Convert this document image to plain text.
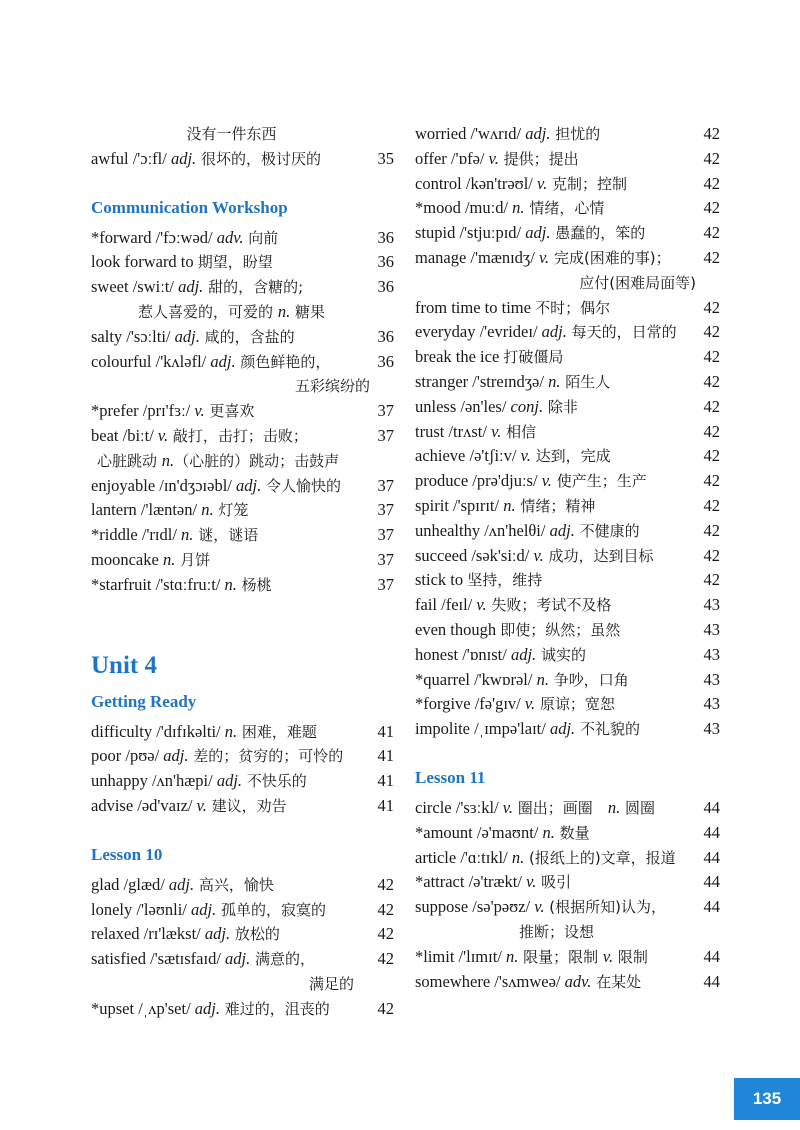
没有一件东西
awful /'ɔːfl/ adj. 很坏的，极讨厌的	35
Communication Workshop
*forward /'fɔːwəd/ adv. 向前	36
look forward to 期望，盼望	36
sweet /swiːt/ adj. 甜的，含糖的;	36
惹人喜爱的，可爱的 n. 糖果
salty /'sɔːlti/ adj. 咸的，含盐的	36
colourful /'kʌləfl/ adj. 颜色鲜艳的，	36
五彩缤纷的
*prefer /prɪ'fɜː/ v. 更喜欢	37
beat /biːt/ v. 敲打，击打；击败；	37
心脏跳动 n.（心脏的）跳动；击鼓声
enjoyable /ɪn'dʒɔɪəbl/ adj. 令人愉快的 37
lantern /'læntən/ n. 灯笼	37
*riddle /'rɪdl/ n. 谜，谜语	37
mooncake n. 月饼	37
*starfruit /'stɑːfruːt/ n. 杨桃	37
Unit 4
Getting Ready
difficulty /'dɪfɪkəlti/ n. 困难，难题	41
poor /pʊə/ adj. 差的；贫穷的；可怜的 41
unhappy /ʌn'hæpi/ adj. 不快乐的	41
advise /əd'vaɪz/ v. 建议，劝告	41
Lesson 10
glad /glæd/ adj. 高兴，愉快	42
lonely /'ləʊnli/ adj. 孤单的，寂寞的	42
relaxed /rɪ'lækst/ adj. 放松的	42
satisfied /'sætɪsfaɪd/ adj. 满意的，	42
满足的
*upset /ˌʌp'set/ adj. 难过的，沮丧的	42
worried /'wʌrɪd/ adj. 担忧的	42
offer /'ɒfə/ v. 提供；提出	42
control /kən'trəʊl/ v. 克制；控制	42
*mood /muːd/ n. 情绪，心情	42
stupid /'stjuːpɪd/ adj. 愚蠢的，笨的	42
manage /'mænɪdʒ/ v. 完成(困难的事)； 42
应付(困难局面等)
from time to time 不时；偶尔	42
everyday /'evrideɪ/ adj. 每天的，日常的 42
break the ice 打破僵局	42
stranger /'streɪndʒə/ n. 陌生人	42
unless /ən'les/ conj. 除非	42
trust /trʌst/ v. 相信	42
achieve /ə'tʃiːv/ v. 达到，完成	42
produce /prə'djuːs/ v. 使产生；生产	42
spirit /'spɪrɪt/ n. 情绪；精神	42
unhealthy /ʌn'helθi/ adj. 不健康的	42
succeed /sək'siːd/ v. 成功，达到目标	42
stick to 坚持，维持	42
fail /feɪl/ v. 失败；考试不及格	43
even though 即使；纵然；虽然	43
honest /'ɒnɪst/ adj. 诚实的	43
*quarrel /'kwɒrəl/ n. 争吵，口角	43
*forgive /fə'gɪv/ v. 原谅；宽恕	43
impolite /ˌɪmpə'laɪt/ adj. 不礼貌的	43
Lesson 11
circle /'sɜːkl/ v. 圈出；画圈　n. 圆圈	44
*amount /ə'maʊnt/ n. 数量	44
article /'ɑːtɪkl/ n. (报纸上的)文章，报道 44
*attract /ə'trækt/ v. 吸引	44
suppose /sə'pəʊz/ v. (根据所知)认为， 44
推断；设想
*limit /'lɪmɪt/ n. 限量；限制 v. 限制	44
somewhere /'sʌmweə/ adv. 在某处	44
135
